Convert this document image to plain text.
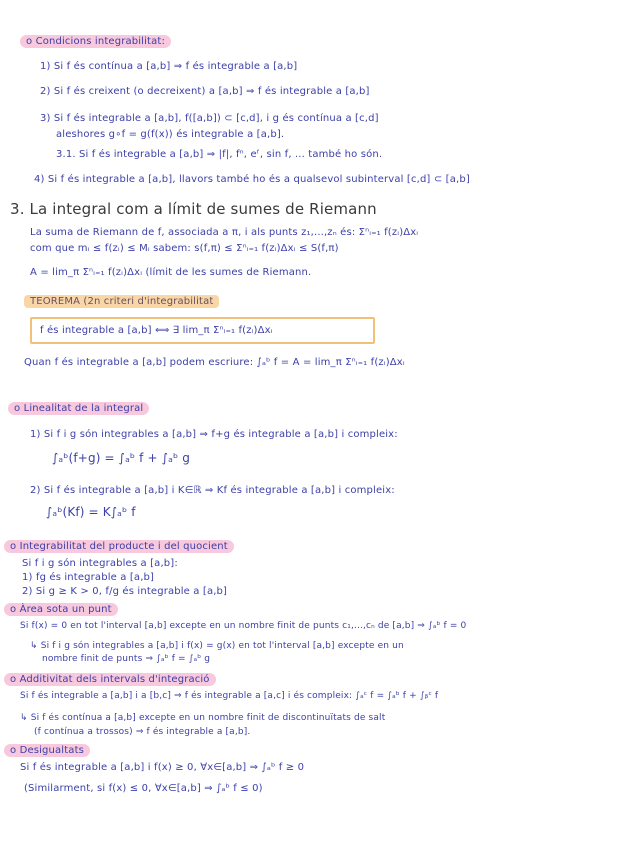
o Condicions integrabilitat:
1) Si f és contínua a [a,b] ⇒ f és integrable a [a,b]
2) Si f és creixent (o decreixent) a [a,b] ⇒ f és integrable a [a,b]
3) Si f és integrable a [a,b], f([a,b]) ⊂ [c,d], i g és contínua a [c,d]
aleshores g∘f = g(f(x)) és integrable a [a,b].
3.1. Si f és integrable a [a,b] ⇒ |f|, fⁿ, eᶠ, sin f, ... també ho són.
4) Si f és integrable a [a,b], llavors també ho és a qualsevol subinterval [c,d] ⊂ [a,b]
3. La integral com a límit de sumes de Riemann
La suma de Riemann de f, associada a π, i als punts z₁,...,zₙ és: Σⁿᵢ₌₁ f(zᵢ)Δxᵢ
com que mᵢ ≤ f(zᵢ) ≤ Mᵢ sabem: s(f,π) ≤ Σⁿᵢ₌₁ f(zᵢ)Δxᵢ ≤ S(f,π)
A = lim_π Σⁿᵢ₌₁ f(zᵢ)Δxᵢ (límit de les sumes de Riemann.
TEOREMA (2n criteri d'integrabilitat
f és integrable a [a,b] ⟺ ∃ lim_π Σⁿᵢ₌₁ f(zᵢ)Δxᵢ
Quan f és integrable a [a,b] podem escriure: ∫ₐᵇ f = A = lim_π Σⁿᵢ₌₁ f(zᵢ)Δxᵢ
o Linealitat de la integral
1) Si f i g són integrables a [a,b] ⇒ f+g és integrable a [a,b] i compleix:
∫ₐᵇ(f+g) = ∫ₐᵇ f + ∫ₐᵇ g
2) Si f és integrable a [a,b] i K∈ℝ ⇒ Kf és integrable a [a,b] i compleix:
∫ₐᵇ(Kf) = K∫ₐᵇ f
o Integrabilitat del producte i del quocient
Si f i g són integrables a [a,b]:
1) fg és integrable a [a,b]
2) Si g ≥ K > 0, f/g és integrable a [a,b]
o Àrea sota un punt
Si f(x) = 0 en tot l'interval [a,b] excepte en un nombre finit de punts c₁,...,cₙ de [a,b] ⇒ ∫ₐᵇ f = 0
↳ Si f i g són integrables a [a,b] i f(x) = g(x) en tot l'interval [a,b] excepte en un
nombre finit de punts ⇒ ∫ₐᵇ f = ∫ₐᵇ g
o Additivitat dels intervals d'integració
Si f és integrable a [a,b] i a [b,c] ⇒ f és integrable a [a,c] i és compleix: ∫ₐᶜ f = ∫ₐᵇ f + ∫ᵦᶜ f
↳ Si f és contínua a [a,b] excepte en un nombre finit de discontinuïtats de salt
(f contínua a trossos) ⇒ f és integrable a [a,b].
o Desigualtats
Si f és integrable a [a,b] i f(x) ≥ 0, ∀x∈[a,b] ⇒ ∫ₐᵇ f ≥ 0
(Similarment, si f(x) ≤ 0, ∀x∈[a,b] ⇒ ∫ₐᵇ f ≤ 0)
